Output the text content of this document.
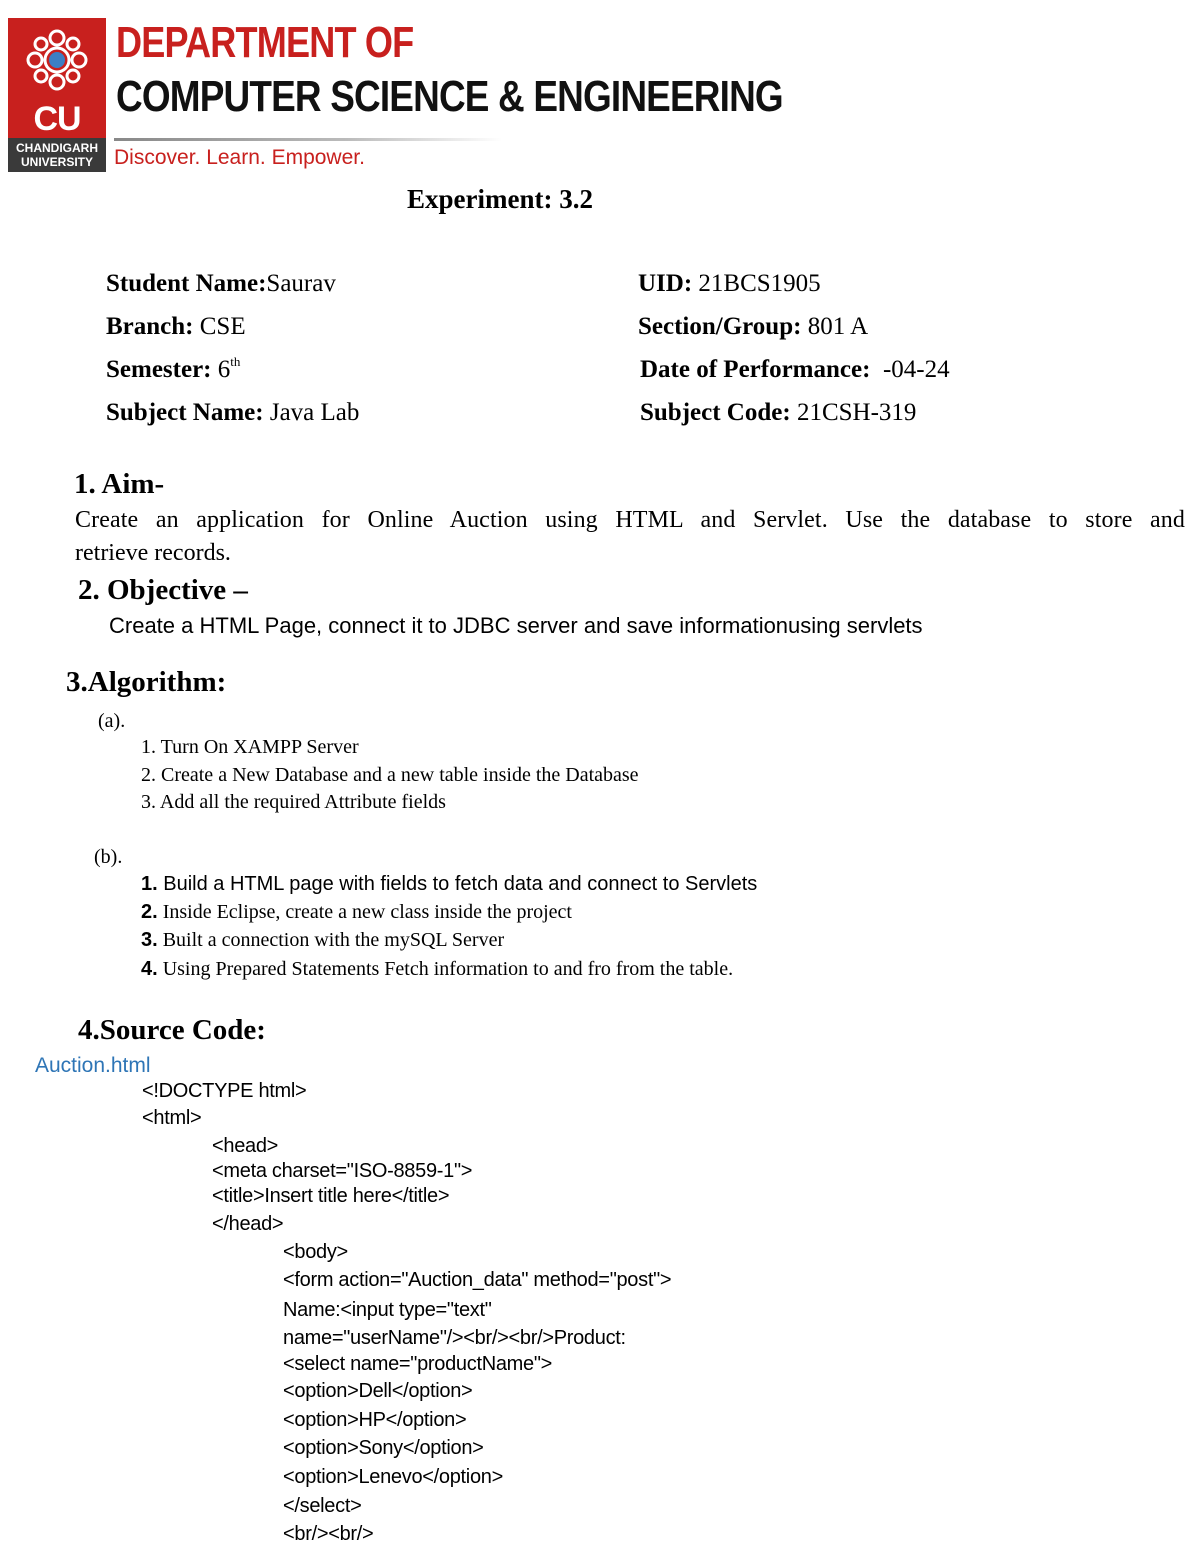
CU
CHANDIGARH
UNIVERSITY
DEPARTMENT OF
COMPUTER SCIENCE & ENGINEERING
Discover. Learn. Empower.
Experiment: 3.2
Student Name:Saurav	UID: 21BCS1905
Branch: CSE	Section/Group: 801 A
Semester: 6th	Date of Performance:  -04-24
Subject Name: Java Lab	Subject Code: 21CSH-319
1. Aim-
Create an application for Online Auction using HTML and Servlet. Use the database to store and
retrieve records.
2. Objective –
Create a HTML Page, connect it to JDBC server and save informationusing servlets
3.Algorithm:
(a).
1. Turn On XAMPP Server
2. Create a New Database and a new table inside the Database
3. Add all the required Attribute fields
(b).
1. Build a HTML page with fields to fetch data and connect to Servlets
2. Inside Eclipse, create a new class inside the project
3. Built a connection with the mySQL Server
4. Using Prepared Statements Fetch information to and fro from the table.
4.Source Code:
Auction.html
<!DOCTYPE html>
<html>
<head>
<meta charset="ISO-8859-1">
<title>Insert title here</title>
</head>
<body>
<form action="Auction_data" method="post">
Name:<input type="text"
name="userName"/><br/><br/>Product:
<select name="productName">
<option>Dell</option>
<option>HP</option>
<option>Sony</option>
<option>Lenevo</option>
</select>
<br/><br/>
